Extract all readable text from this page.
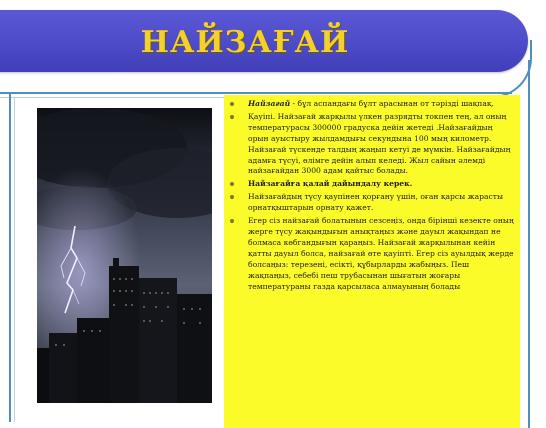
НАЙЗАҒАЙ
Найзағай - бұл аспандағы бұлт арасынан от тәрізді шақпақ.
Қауіпі. Найзағай жарқылы үлкен разрядты токпен тең, ал оның температурасы 300000 градуска дейін жетеді .Найзағайдың орын ауыстыру жылдамдығы секундына 100 мың километр. Найзағай түскенде талдың жаңып кетуі де мүмкін. Найзағайдың адамға түсуі, өлімге дейін алып келеді. Жыл сайын әлемді найзағайдан 3000 адам қайтыс болады.
Найзағайға қалай дайындалу керек.
Найзағайдың түсу қаупінен қорғану үшін, оған қарсы жарасты орнатқыштарын орнату қажет.
Егер сіз найзағай болатынын сезсеңіз, онда бірінші кезекте оның жерге түсу жақындығын анықтаңыз және дауыл жақындап не болмаса көбгандығын қараңыз. Найзағай жарқылынан кейін қатты дауыл болса, найзағай өте қауіпті. Егер сіз ауылдық жерде болсаңыз: терезені, есікті, құбырларды жабыңыз. Пеш жақпаңыз, себебі пеш трубасынан шығатын жоғары температураны газда қарсыласа алмауының болады
